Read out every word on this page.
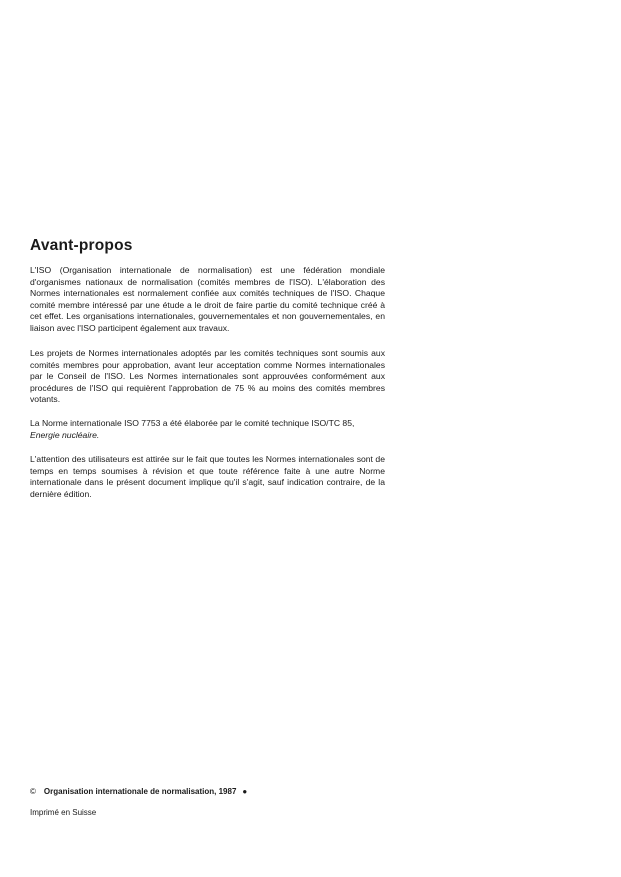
Avant-propos

L'ISO (Organisation internationale de normalisation) est une fédération mondiale d'organismes nationaux de normalisation (comités membres de l'ISO). L'élaboration des Normes internationales est normalement confiée aux comités techniques de l'ISO. Chaque comité membre intéressé par une étude a le droit de faire partie du comité technique créé à cet effet. Les organisations internationales, gouvernementales et non gouvernementales, en liaison avec l'ISO participent également aux travaux.

Les projets de Normes internationales adoptés par les comités techniques sont soumis aux comités membres pour approbation, avant leur acceptation comme Normes internationales par le Conseil de l'ISO. Les Normes internationales sont approuvées conformément aux procédures de l'ISO qui requièrent l'approbation de 75 % au moins des comités membres votants.

La Norme internationale ISO 7753 a été élaborée par le comité technique ISO/TC 85,
Energie nucléaire.

L'attention des utilisateurs est attirée sur le fait que toutes les Normes internationales sont de temps en temps soumises à révision et que toute référence faite à une autre Norme internationale dans le présent document implique qu'il s'agit, sauf indication contraire, de la dernière édition.

© Organisation internationale de normalisation, 1987 ●
Imprimé en Suisse
